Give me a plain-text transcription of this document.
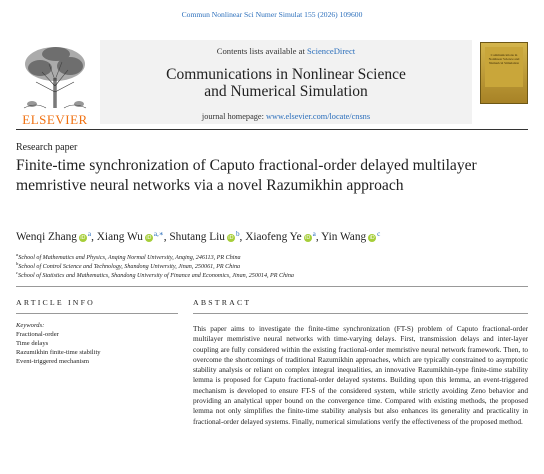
Commun Nonlinear Sci Numer Simulat 155 (2026) 109600
ELSEVIER
Contents lists available at ScienceDirect
Communications in Nonlinear Science
and Numerical Simulation
journal homepage: www.elsevier.com/locate/cnsns
Communications in Nonlinear Science and Numerical Simulation
Research paper
Finite-time synchronization of Caputo fractional-order delayed multilayer memristive neural networks via a novel Razumikhin approach
Wenqi Zhang iD $^a$, Xiang Wu iD $^{a,∗}$, Shutang Liu iD $^b$, Xiaofeng Ye iD $^a$, Yin Wang iD $^c$
$^a$School of Mathematics and Physics, Anqing Normal University, Anqing, 246113, PR China
$^b$School of Control Science and Technology, Shandong University, Jinan, 250061, PR China
$^c$School of Statistics and Mathematics, Shandong University of Finance and Economics, Jinan, 250014, PR China
ARTICLE INFO	ABSTRACT
Keywords:
Fractional-order
Time delays
Razumikhin finite-time stability
Event-triggered mechanism
This paper aims to investigate the finite-time synchronization (FT-S) problem of Caputo fractional-order multilayer memristive neural networks with time-varying delays. First, transmission delays and inter-layer coupling are fully considered within the existing fractional-order memristive neural network framework. Then, to overcome the shortcomings of traditional Razumikhin approaches, which are typically constrained to asymptotic stability analysis or reliant on complex integral inequalities, an innovative Razumikhin-type finite-time stability lemma is proposed for Caputo fractional-order delayed systems. Building upon this lemma, an event-triggered mechanism is developed to ensure FT-S of the considered system, while strictly avoiding Zeno behavior and providing an analytical upper bound on the convergence time. Compared with existing methods, the proposed lemma not only simplifies the finite-time stability analysis but also enhances its generality and practicality in fractional-order delayed systems. Finally, numerical simulations verify the effectiveness of the proposed method.
